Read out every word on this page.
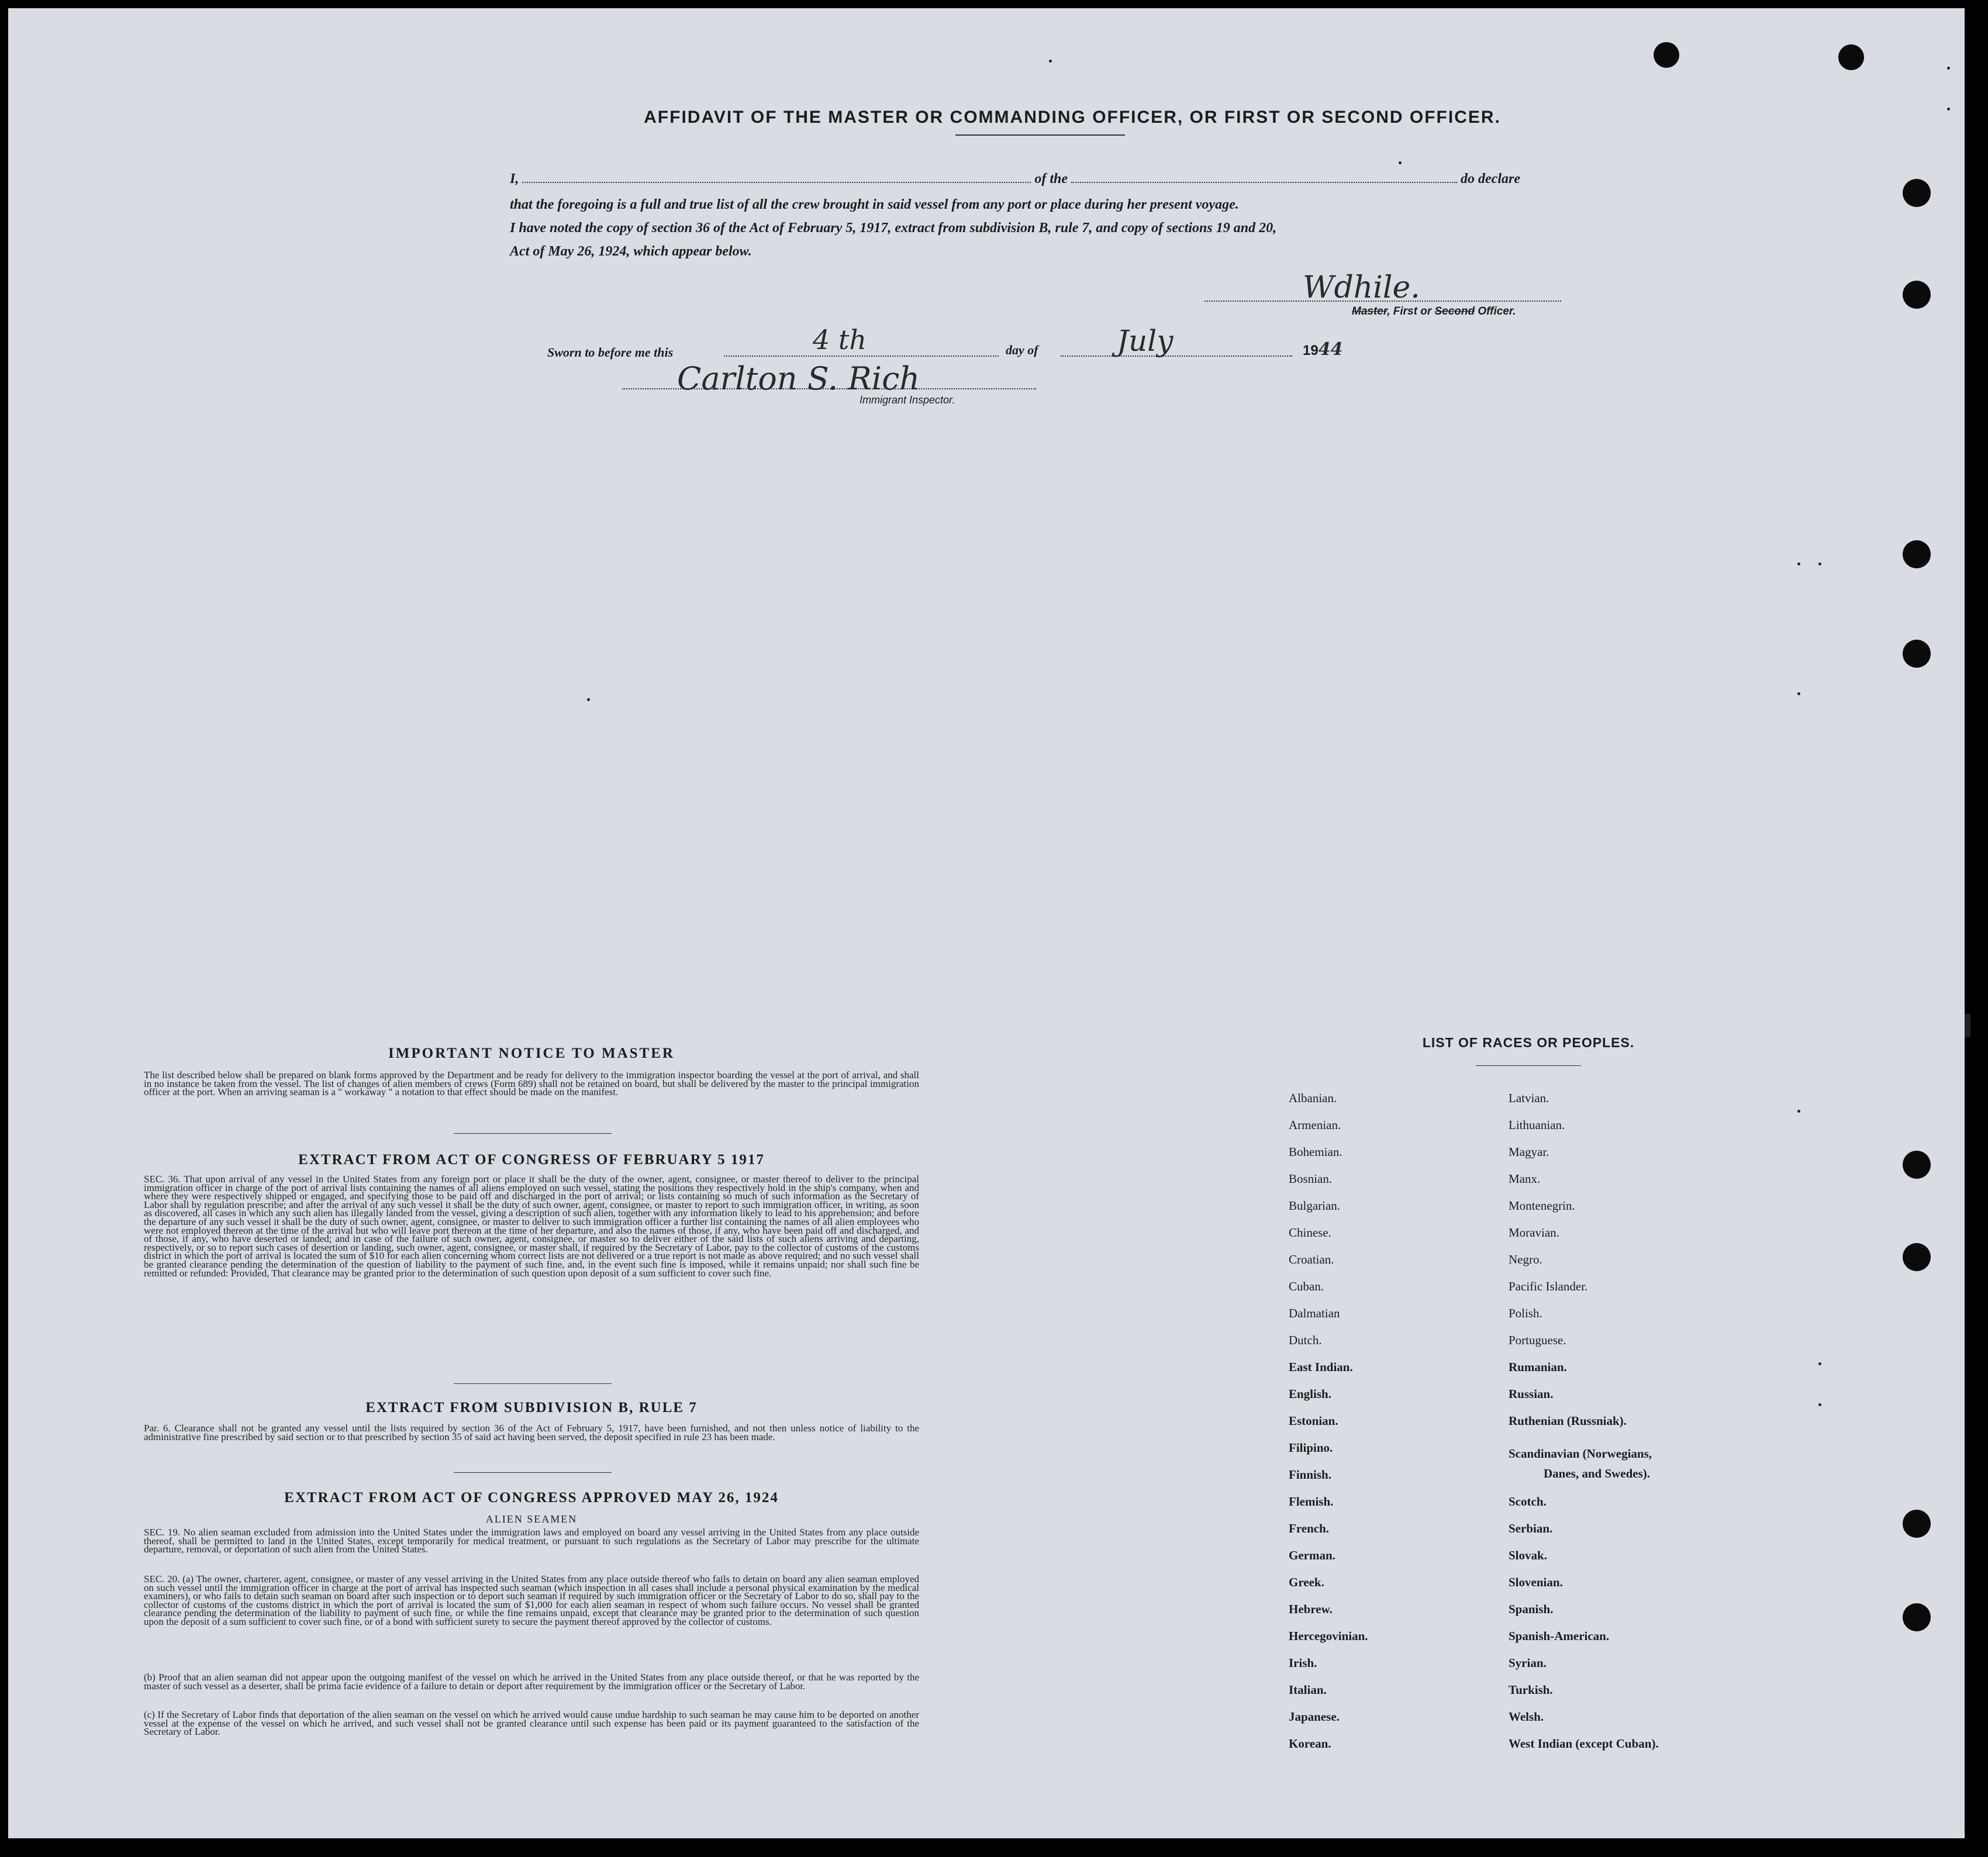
AFFIDAVIT OF THE MASTER OR COMMANDING OFFICER, OR FIRST OR SECOND OFFICER.
I,	of the	do declare
that the foregoing is a full and true list of all the crew brought in said vessel from any port or place during her present voyage.
I have noted the copy of section 36 of the Act of February 5, 1917, extract from subdivision B, rule 7, and copy of sections 19 and 20,
Act of May 26, 1924, which appear below.
Wdhile.
Master, First or Second Officer.
Sworn to before me this	4 th	day of	July	1944
Carlton S. Rich
Immigrant Inspector.
IMPORTANT NOTICE TO MASTER
The list described below shall be prepared on blank forms approved by the Department and be ready for delivery to the immigration inspector boarding the vessel at the port of arrival, and shall in no instance be taken from the vessel. The list of changes of alien members of crews (Form 689) shall not be retained on board, but shall be delivered by the master to the principal immigration officer at the port. When an arriving seaman is a " workaway " a notation to that effect should be made on the manifest.
EXTRACT FROM ACT OF CONGRESS OF FEBRUARY 5 1917
SEC. 36. That upon arrival of any vessel in the United States from any foreign port or place it shall be the duty of the owner, agent, consignee, or master thereof to deliver to the principal immigration officer in charge of the port of arrival lists containing the names of all aliens employed on such vessel, stating the positions they respectively hold in the ship's company, when and where they were respectively shipped or engaged, and specifying those to be paid off and discharged in the port of arrival; or lists containing so much of such information as the Secretary of Labor shall by regulation prescribe; and after the arrival of any such vessel it shall be the duty of such owner, agent, consignee, or master to report to such immigration officer, in writing, as soon as discovered, all cases in which any such alien has illegally landed from the vessel, giving a description of such alien, together with any information likely to lead to his apprehension; and before the departure of any such vessel it shall be the duty of such owner, agent, consignee, or master to deliver to such immigration officer a further list containing the names of all alien employees who were not employed thereon at the time of the arrival but who will leave port thereon at the time of her departure, and also the names of those, if any, who have been paid off and discharged, and of those, if any, who have deserted or landed; and in case of the failure of such owner, agent, consignee, or master so to deliver either of the said lists of such aliens arriving and departing, respectively, or so to report such cases of desertion or landing, such owner, agent, consignee, or master shall, if required by the Secretary of Labor, pay to the collector of customs of the customs district in which the port of arrival is located the sum of $10 for each alien concerning whom correct lists are not delivered or a true report is not made as above required; and no such vessel shall be granted clearance pending the determination of the question of liability to the payment of such fine, and, in the event such fine is imposed, while it remains unpaid; nor shall such fine be remitted or refunded: Provided, That clearance may be granted prior to the determination of such question upon deposit of a sum sufficient to cover such fine.
EXTRACT FROM SUBDIVISION B, RULE 7
Par. 6. Clearance shall not be granted any vessel until the lists required by section 36 of the Act of February 5, 1917, have been furnished, and not then unless notice of liability to the administrative fine prescribed by said section or to that prescribed by section 35 of said act having been served, the deposit specified in rule 23 has been made.
EXTRACT FROM ACT OF CONGRESS APPROVED MAY 26, 1924
ALIEN SEAMEN
SEC. 19. No alien seaman excluded from admission into the United States under the immigration laws and employed on board any vessel arriving in the United States from any place outside thereof, shall be permitted to land in the United States, except temporarily for medical treatment, or pursuant to such regulations as the Secretary of Labor may prescribe for the ultimate departure, removal, or deportation of such alien from the United States.
SEC. 20. (a) The owner, charterer, agent, consignee, or master of any vessel arriving in the United States from any place outside thereof who fails to detain on board any alien seaman employed on such vessel until the immigration officer in charge at the port of arrival has inspected such seaman (which inspection in all cases shall include a personal physical examination by the medical examiners), or who fails to detain such seaman on board after such inspection or to deport such seaman if required by such immigration officer or the Secretary of Labor to do so, shall pay to the collector of customs of the customs district in which the port of arrival is located the sum of $1,000 for each alien seaman in respect of whom such failure occurs. No vessel shall be granted clearance pending the determination of the liability to payment of such fine, or while the fine remains unpaid, except that clearance may be granted prior to the determination of such question upon the deposit of a sum sufficient to cover such fine, or of a bond with sufficient surety to secure the payment thereof approved by the collector of customs.
(b) Proof that an alien seaman did not appear upon the outgoing manifest of the vessel on which he arrived in the United States from any place outside thereof, or that he was reported by the master of such vessel as a deserter, shall be prima facie evidence of a failure to detain or deport after requirement by the immigration officer or the Secretary of Labor.
(c) If the Secretary of Labor finds that deportation of the alien seaman on the vessel on which he arrived would cause undue hardship to such seaman he may cause him to be deported on another vessel at the expense of the vessel on which he arrived, and such vessel shall not be granted clearance until such expense has been paid or its payment guaranteed to the satisfaction of the Secretary of Labor.
LIST OF RACES OR PEOPLES.
Albanian.
Armenian.
Bohemian.
Bosnian.
Bulgarian.
Chinese.
Croatian.
Cuban.
Dalmatian
Dutch.
East Indian.
English.
Estonian.
Filipino.
Finnish.
Flemish.
French.
German.
Greek.
Hebrew.
Hercegovinian.
Irish.
Italian.
Japanese.
Korean.
Latvian.
Lithuanian.
Magyar.
Manx.
Montenegrin.
Moravian.
Negro.
Pacific Islander.
Polish.
Portuguese.
Rumanian.
Russian.
Ruthenian (Russniak).
Scandinavian (Norwegians,
Danes, and Swedes).
Scotch.
Serbian.
Slovak.
Slovenian.
Spanish.
Spanish-American.
Syrian.
Turkish.
Welsh.
West Indian (except Cuban).
